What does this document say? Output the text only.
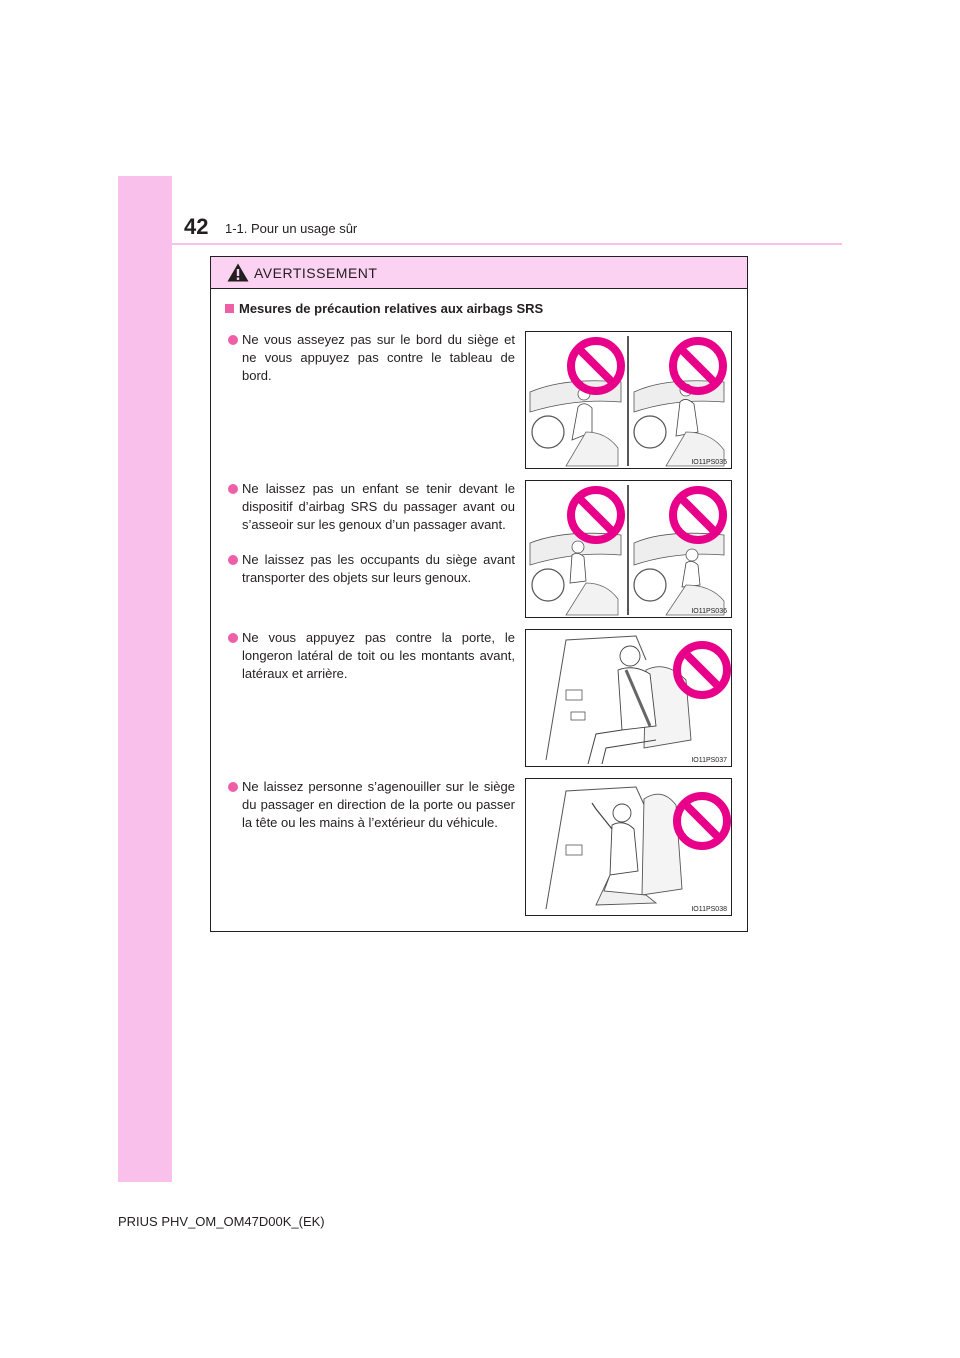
42 1-1. Pour un usage sûr
AVERTISSEMENT
Mesures de précaution relatives aux airbags SRS
Ne vous asseyez pas sur le bord du siège et ne vous appuyez pas contre le tableau de bord.
Ne laissez pas un enfant se tenir devant le dispositif d’airbag SRS du passager avant ou s’asseoir sur les genoux d’un passager avant.
Ne laissez pas les occupants du siège avant transporter des objets sur leurs genoux.
Ne vous appuyez pas contre la porte, le longeron latéral de toit ou les montants avant, latéraux et arrière.
Ne laissez personne s’agenouiller sur le siège du passager en direction de la porte ou passer la tête ou les mains à l’extérieur du véhicule.
IO11PS035
IO11PS036
IO11PS037
IO11PS038
PRIUS PHV_OM_OM47D00K_(EK)
